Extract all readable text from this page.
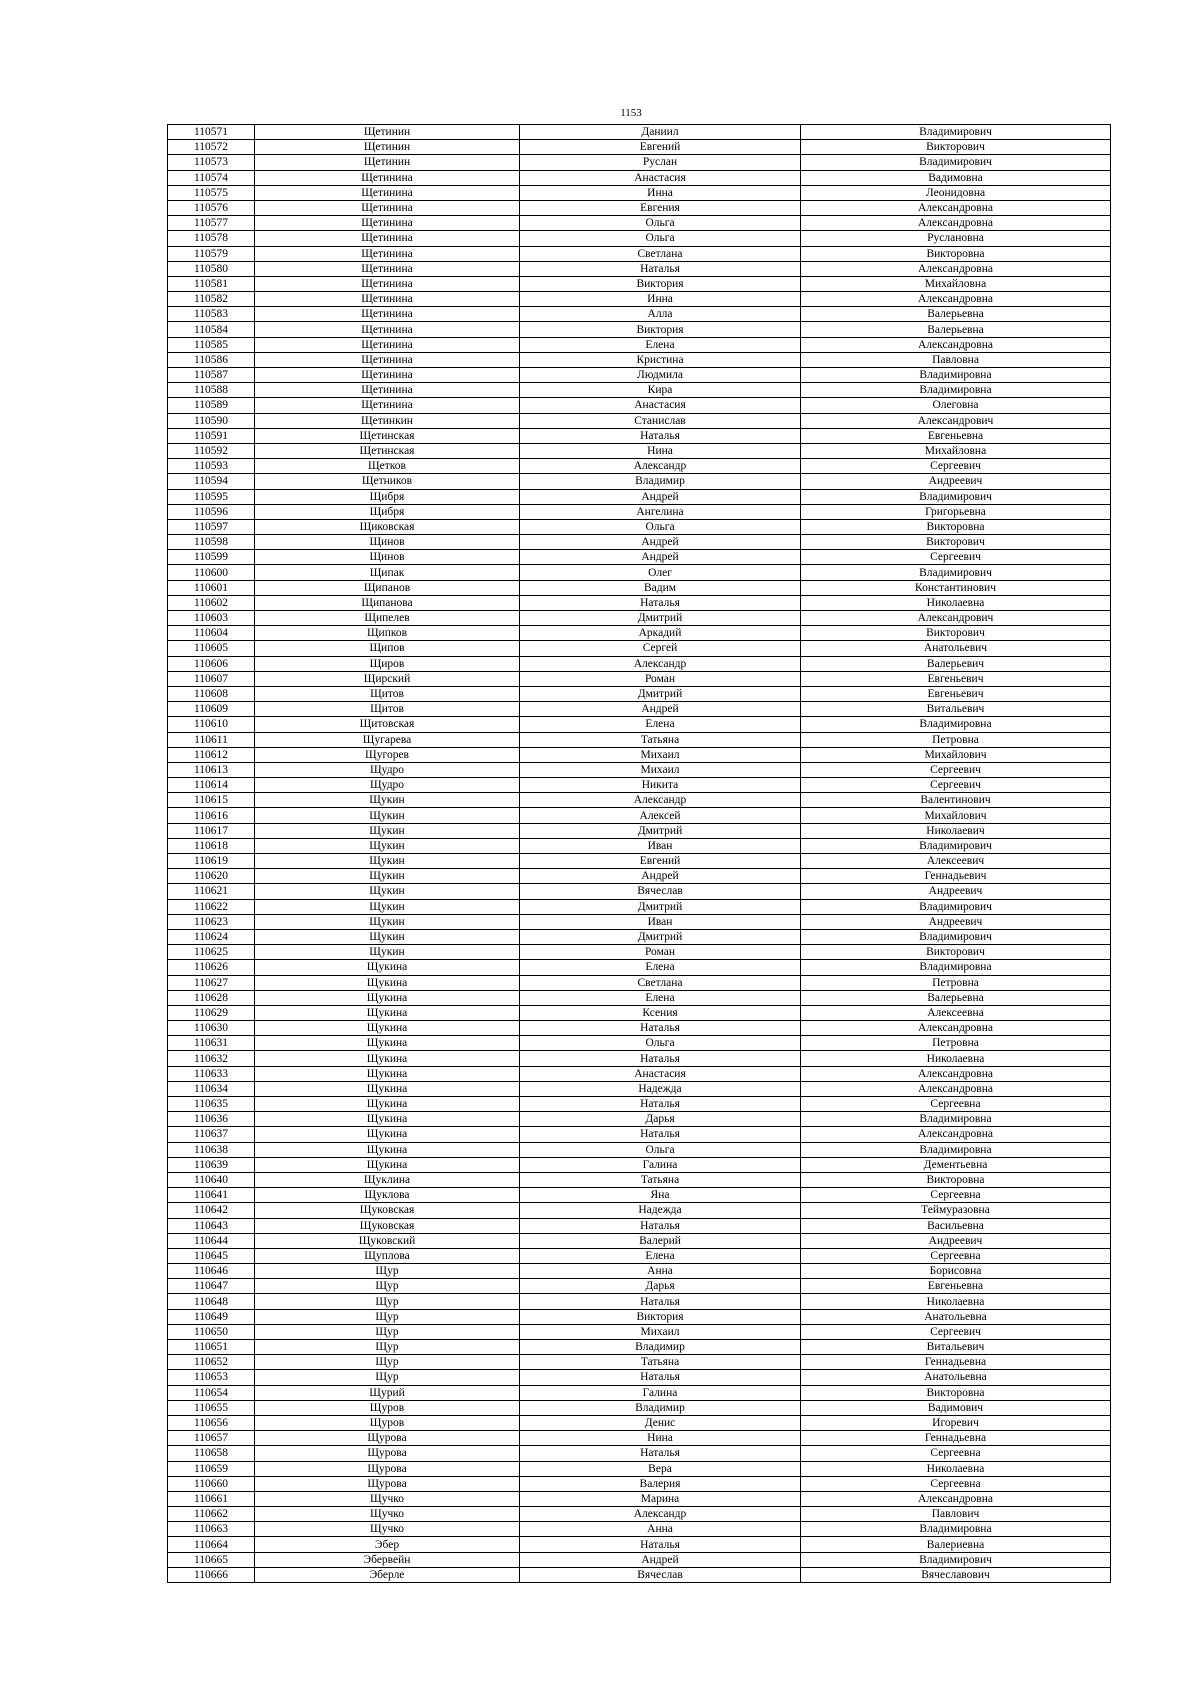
1153
110571	Щетинин	Даниил	Владимирович
110572	Щетинин	Евгений	Викторович
110573	Щетинин	Руслан	Владимирович
110574	Щетинина	Анастасия	Вадимовна
110575	Щетинина	Инна	Леонидовна
110576	Щетинина	Евгения	Александровна
110577	Щетинина	Ольга	Александровна
110578	Щетинина	Ольга	Руслановна
110579	Щетинина	Светлана	Викторовна
110580	Щетинина	Наталья	Александровна
110581	Щетинина	Виктория	Михайловна
110582	Щетинина	Инна	Александровна
110583	Щетинина	Алла	Валерьевна
110584	Щетинина	Виктория	Валерьевна
110585	Щетинина	Елена	Александровна
110586	Щетинина	Кристина	Павловна
110587	Щетинина	Людмила	Владимировна
110588	Щетинина	Кира	Владимировна
110589	Щетинина	Анастасия	Олеговна
110590	Щетинкин	Станислав	Александрович
110591	Щетинская	Наталья	Евгеньевна
110592	Щетинская	Нина	Михайловна
110593	Щетков	Александр	Сергеевич
110594	Щетников	Владимир	Андреевич
110595	Щибря	Андрей	Владимирович
110596	Щибря	Ангелина	Григорьевна
110597	Щиковская	Ольга	Викторовна
110598	Щинов	Андрей	Викторович
110599	Щинов	Андрей	Сергеевич
110600	Щипак	Олег	Владимирович
110601	Щипанов	Вадим	Константинович
110602	Щипанова	Наталья	Николаевна
110603	Щипелев	Дмитрий	Александрович
110604	Щипков	Аркадий	Викторович
110605	Щипов	Сергей	Анатольевич
110606	Щиров	Александр	Валерьевич
110607	Щирский	Роман	Евгеньевич
110608	Щитов	Дмитрий	Евгеньевич
110609	Щитов	Андрей	Витальевич
110610	Щитовская	Елена	Владимировна
110611	Щугарева	Татьяна	Петровна
110612	Щугорев	Михаил	Михайлович
110613	Щудро	Михаил	Сергеевич
110614	Щудро	Никита	Сергеевич
110615	Щукин	Александр	Валентинович
110616	Щукин	Алексей	Михайлович
110617	Щукин	Дмитрий	Николаевич
110618	Щукин	Иван	Владимирович
110619	Щукин	Евгений	Алексеевич
110620	Щукин	Андрей	Геннадьевич
110621	Щукин	Вячеслав	Андреевич
110622	Щукин	Дмитрий	Владимирович
110623	Щукин	Иван	Андреевич
110624	Щукин	Дмитрий	Владимирович
110625	Щукин	Роман	Викторович
110626	Щукина	Елена	Владимировна
110627	Щукина	Светлана	Петровна
110628	Щукина	Елена	Валерьевна
110629	Щукина	Ксения	Алексеевна
110630	Щукина	Наталья	Александровна
110631	Щукина	Ольга	Петровна
110632	Щукина	Наталья	Николаевна
110633	Щукина	Анастасия	Александровна
110634	Щукина	Надежда	Александровна
110635	Щукина	Наталья	Сергеевна
110636	Щукина	Дарья	Владимировна
110637	Щукина	Наталья	Александровна
110638	Щукина	Ольга	Владимировна
110639	Щукина	Галина	Дементьевна
110640	Щуклина	Татьяна	Викторовна
110641	Щуклова	Яна	Сергеевна
110642	Щуковская	Надежда	Теймуразовна
110643	Щуковская	Наталья	Васильевна
110644	Щуковский	Валерий	Андреевич
110645	Щуплова	Елена	Сергеевна
110646	Щур	Анна	Борисовна
110647	Щур	Дарья	Евгеньевна
110648	Щур	Наталья	Николаевна
110649	Щур	Виктория	Анатольевна
110650	Щур	Михаил	Сергеевич
110651	Щур	Владимир	Витальевич
110652	Щур	Татьяна	Геннадьевна
110653	Щур	Наталья	Анатольевна
110654	Щурий	Галина	Викторовна
110655	Щуров	Владимир	Вадимович
110656	Щуров	Денис	Игоревич
110657	Щурова	Нина	Геннадьевна
110658	Щурова	Наталья	Сергеевна
110659	Щурова	Вера	Николаевна
110660	Щурова	Валерия	Сергеевна
110661	Щучко	Марина	Александровна
110662	Щучко	Александр	Павлович
110663	Щучко	Анна	Владимировна
110664	Эбер	Наталья	Валериевна
110665	Эбервейн	Андрей	Владимирович
110666	Эберле	Вячеслав	Вячеславович
